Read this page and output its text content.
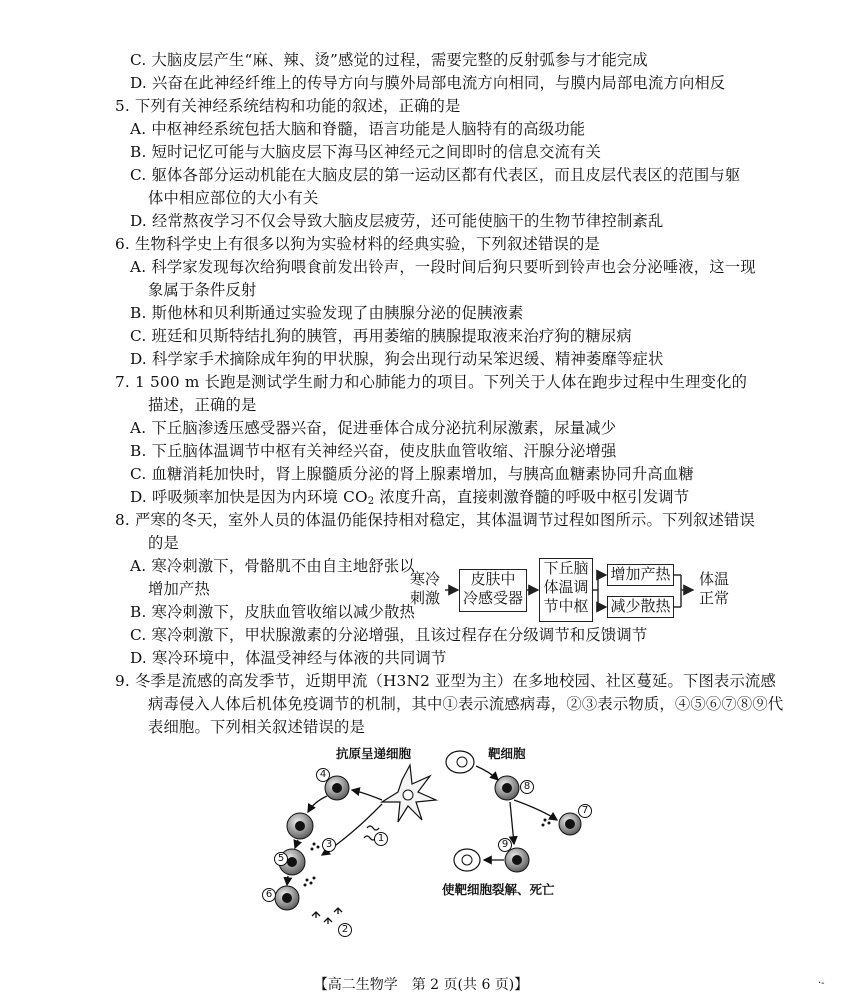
C. 大脑皮层产生“麻、辣、烫”感觉的过程，需要完整的反射弧参与才能完成
D. 兴奋在此神经纤维上的传导方向与膜外局部电流方向相同，与膜内局部电流方向相反
5. 下列有关神经系统结构和功能的叙述，正确的是
A. 中枢神经系统包括大脑和脊髓，语言功能是人脑特有的高级功能
B. 短时记忆可能与大脑皮层下海马区神经元之间即时的信息交流有关
C. 躯体各部分运动机能在大脑皮层的第一运动区都有代表区，而且皮层代表区的范围与躯
体中相应部位的大小有关
D. 经常熬夜学习不仅会导致大脑皮层疲劳，还可能使脑干的生物节律控制紊乱
6. 生物科学史上有很多以狗为实验材料的经典实验，下列叙述错误的是
A. 科学家发现每次给狗喂食前发出铃声，一段时间后狗只要听到铃声也会分泌唾液，这一现
象属于条件反射
B. 斯他林和贝利斯通过实验发现了由胰腺分泌的促胰液素
C. 班廷和贝斯特结扎狗的胰管，再用萎缩的胰腺提取液来治疗狗的糖尿病
D. 科学家手术摘除成年狗的甲状腺，狗会出现行动呆笨迟缓、精神萎靡等症状
7. 1 500 m 长跑是测试学生耐力和心肺能力的项目。下列关于人体在跑步过程中生理变化的
描述，正确的是
A. 下丘脑渗透压感受器兴奋，促进垂体合成分泌抗利尿激素，尿量减少
B. 下丘脑体温调节中枢有关神经兴奋，使皮肤血管收缩、汗腺分泌增强
C. 血糖消耗加快时，肾上腺髓质分泌的肾上腺素增加，与胰高血糖素协同升高血糖
D. 呼吸频率加快是因为内环境 $CO_2$ 浓度升高，直接刺激脊髓的呼吸中枢引发调节
8. 严寒的冬天，室外人员的体温仍能保持相对稳定，其体温调节过程如图所示。下列叙述错误
的是
A. 寒冷刺激下，骨骼肌不由自主地舒张以
增加产热
B. 寒冷刺激下，皮肤血管收缩以减少散热
C. 寒冷刺激下，甲状腺激素的分泌增强，且该过程存在分级调节和反馈调节
D. 寒冷环境中，体温受神经与体液的共同调节
寒冷
刺激
皮肤中
冷感受器
下丘脑
体温调
节中枢
增加产热
减少散热
体温
正常
9. 冬季是流感的高发季节，近期甲流（H3N2 亚型为主）在多地校园、社区蔓延。下图表示流感
病毒侵入人体后机体免疫调节的机制，其中①表示流感病毒，②③表示物质，④⑤⑥⑦⑧⑨代
表细胞。下列相关叙述错误的是
抗原呈递细胞	靶细胞
使靶细胞裂解、死亡
4
5
6
1
3
2
8
9
7
【高二生物学　第 2 页(共 6 页)】	·-
